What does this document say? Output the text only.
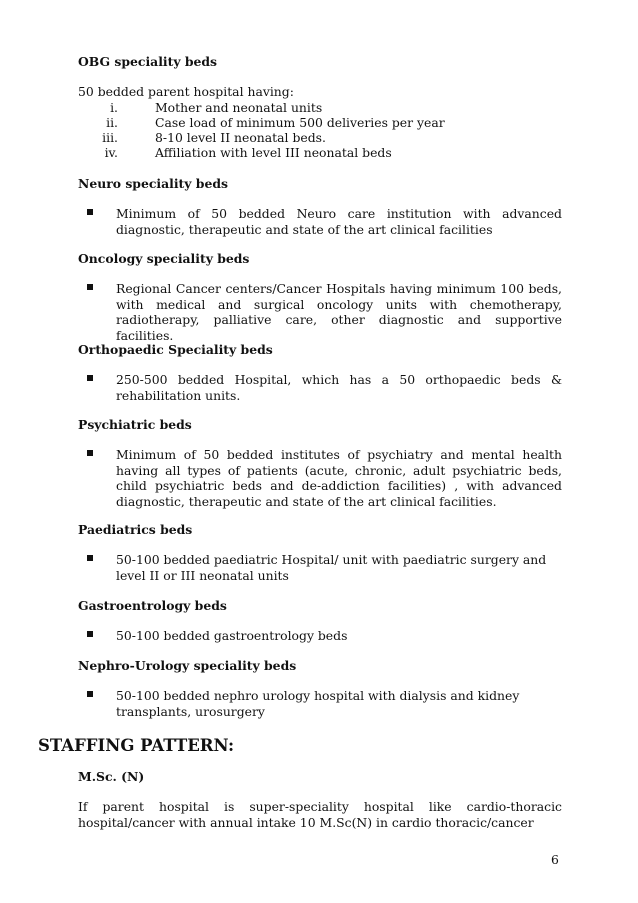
OBG speciality beds
50 bedded parent hospital having:
i.	Mother and neonatal units
ii.	Case load of minimum 500 deliveries per year
iii.	8-10 level II neonatal beds.
iv.	Affiliation with level III neonatal beds
Neuro speciality beds
Minimum of 50 bedded Neuro care institution with advanced diagnostic, therapeutic and state of the art clinical facilities
Oncology speciality beds
Regional Cancer centers/Cancer Hospitals having minimum 100 beds, with medical and surgical oncology units with chemotherapy, radiotherapy, palliative care, other diagnostic and supportive facilities.
Orthopaedic Speciality beds
250-500 bedded Hospital, which has a 50 orthopaedic beds & rehabilitation units.
Psychiatric beds
Minimum of 50 bedded institutes of psychiatry and mental health having all types of patients (acute, chronic, adult psychiatric beds, child psychiatric beds and de-addiction facilities) , with advanced diagnostic, therapeutic and state of the art clinical facilities.
Paediatrics beds
50-100 bedded paediatric Hospital/ unit with paediatric surgery and level II or III neonatal units
Gastroentrology beds
50-100 bedded gastroentrology beds
Nephro-Urology speciality beds
50-100 bedded nephro urology hospital with dialysis and kidney transplants, urosurgery
STAFFING PATTERN:
M.Sc. (N)
If parent hospital is super-speciality hospital like cardio-thoracic hospital/cancer with annual intake 10 M.Sc(N) in cardio thoracic/cancer
6
